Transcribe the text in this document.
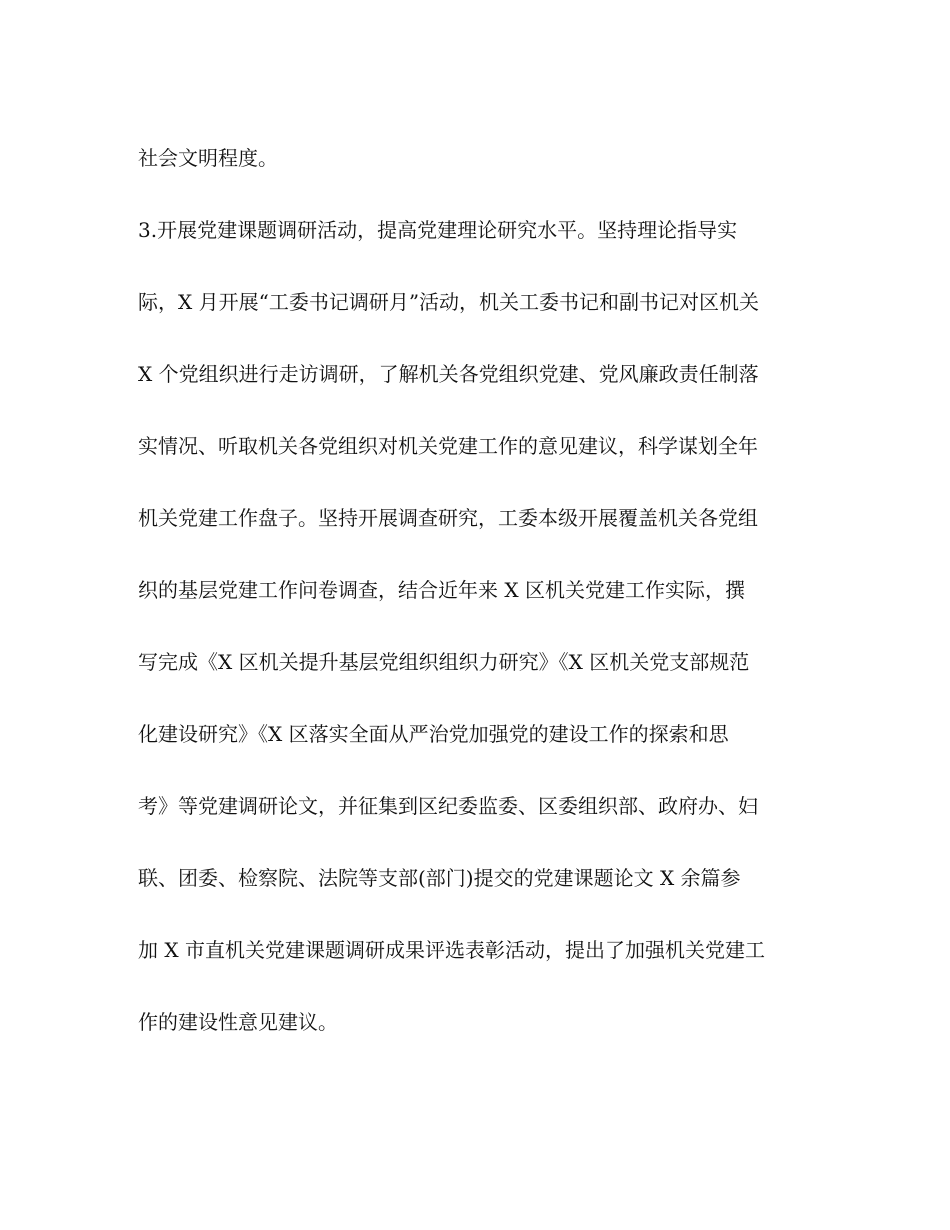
社会文明程度。
3.开展党建课题调研活动，提高党建理论研究水平。坚持理论指导实
际，X 月开展“工委书记调研月”活动，机关工委书记和副书记对区机关
X 个党组织进行走访调研，了解机关各党组织党建、党风廉政责任制落
实情况、听取机关各党组织对机关党建工作的意见建议，科学谋划全年
机关党建工作盘子。坚持开展调查研究，工委本级开展覆盖机关各党组
织的基层党建工作问卷调查，结合近年来 X 区机关党建工作实际，撰
写完成《X 区机关提升基层党组织组织力研究》《X 区机关党支部规范
化建设研究》《X 区落实全面从严治党加强党的建设工作的探索和思
考》等党建调研论文，并征集到区纪委监委、区委组织部、政府办、妇
联、团委、检察院、法院等支部(部门)提交的党建课题论文 X 余篇参
加 X 市直机关党建课题调研成果评选表彰活动，提出了加强机关党建工
作的建设性意见建议。
